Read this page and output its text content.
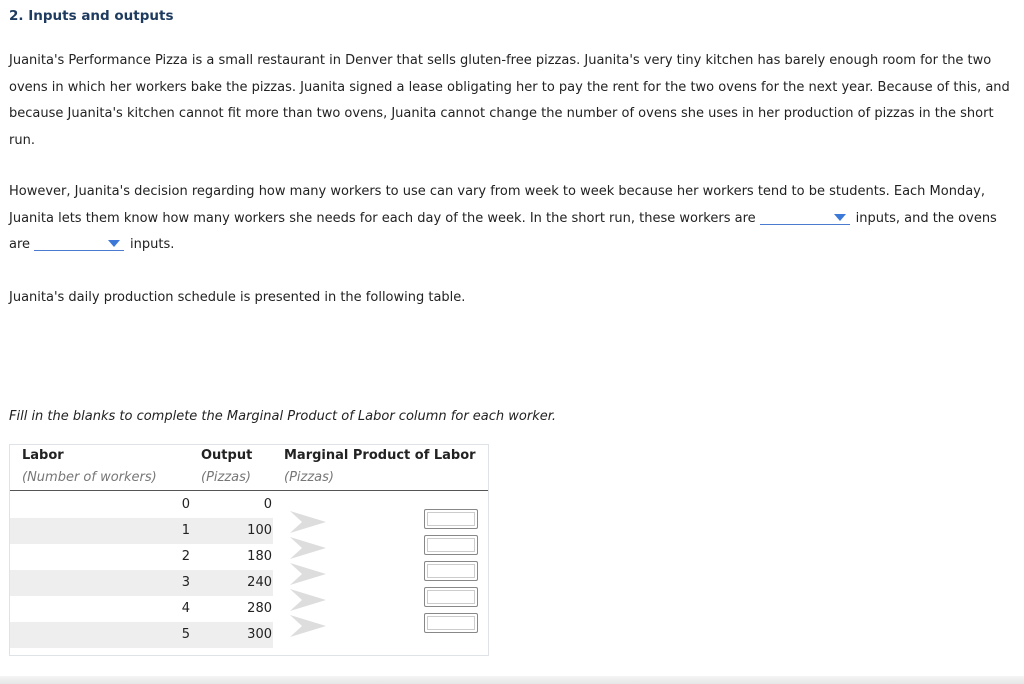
2. Inputs and outputs

Juanita's Performance Pizza is a small restaurant in Denver that sells gluten-free pizzas. Juanita's very tiny kitchen has barely enough room for the two ovens in which her workers bake the pizzas. Juanita signed a lease obligating her to pay the rent for the two ovens for the next year. Because of this, and because Juanita's kitchen cannot fit more than two ovens, Juanita cannot change the number of ovens she uses in her production of pizzas in the short run.

However, Juanita's decision regarding how many workers to use can vary from week to week because her workers tend to be students. Each Monday, Juanita lets them know how many workers she needs for each day of the week. In the short run, these workers are	inputs, and the ovens are	inputs.

Juanita's daily production schedule is presented in the following table.

Fill in the blanks to complete the Marginal Product of Labor column for each worker.

Labor
(Number of workers)
Output
(Pizzas)
Marginal Product of Labor
(Pizzas)
0	0
1	100
2	180
3	240
4	280
5	300
